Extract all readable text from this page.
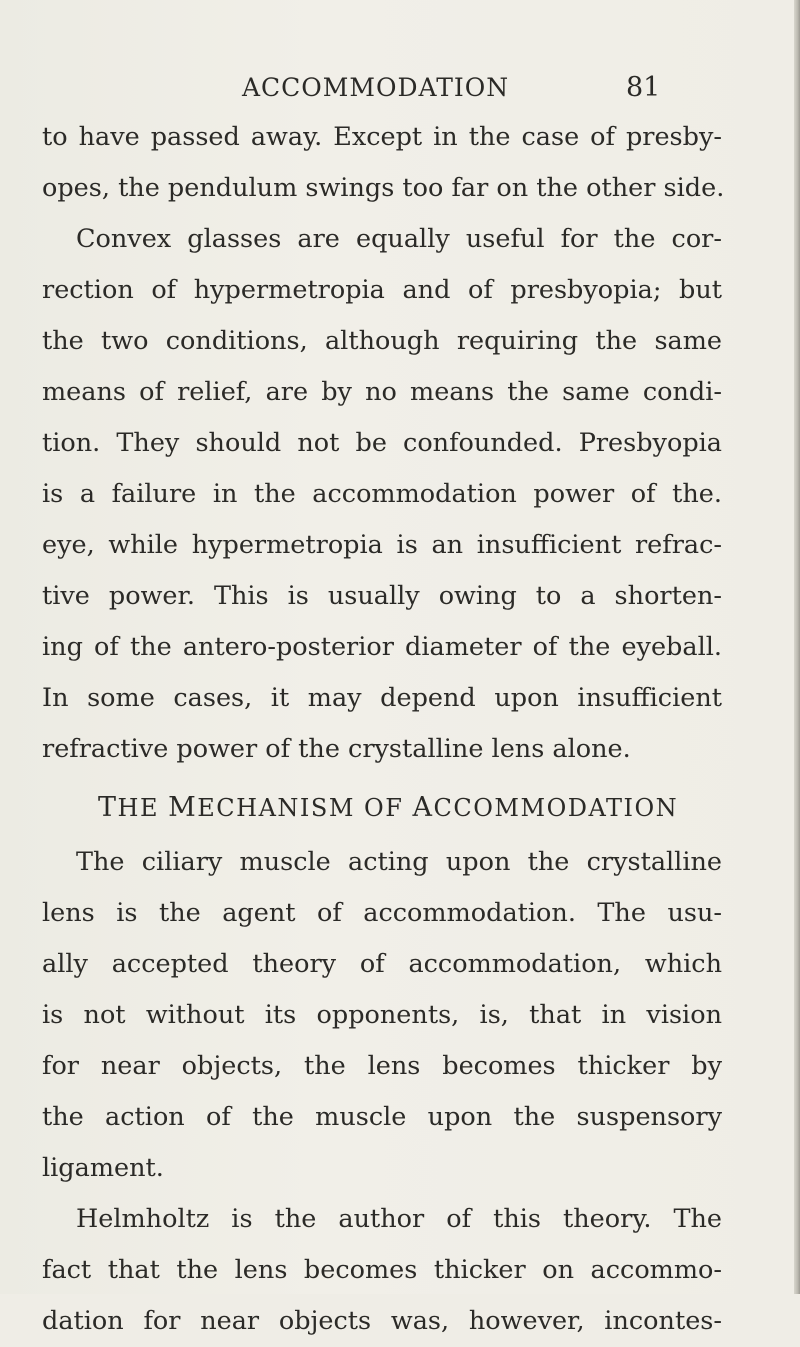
ACCOMMODATION	81
to have passed away. Except in the case of presby-
opes, the pendulum swings too far on the other side.
Convex glasses are equally useful for the cor-
rection of hypermetropia and of presbyopia; but
the two conditions, although requiring the same
means of relief, are by no means the same condi-
tion. They should not be confounded. Presbyopia
is a failure in the accommodation power of the.
eye, while hypermetropia is an insufficient refrac-
tive power. This is usually owing to a shorten-
ing of the antero-posterior diameter of the eyeball.
In some cases, it may depend upon insufficient
refractive power of the crystalline lens alone.
THE MECHANISM OF ACCOMMODATION
The ciliary muscle acting upon the crystalline
lens is the agent of accommodation. The usu-
ally accepted theory of accommodation, which
is not without its opponents, is, that in vision
for near objects, the lens becomes thicker by
the action of the muscle upon the suspensory
ligament.
Helmholtz is the author of this theory. The
fact that the lens becomes thicker on accommo-
dation for near objects was, however, incontes-
